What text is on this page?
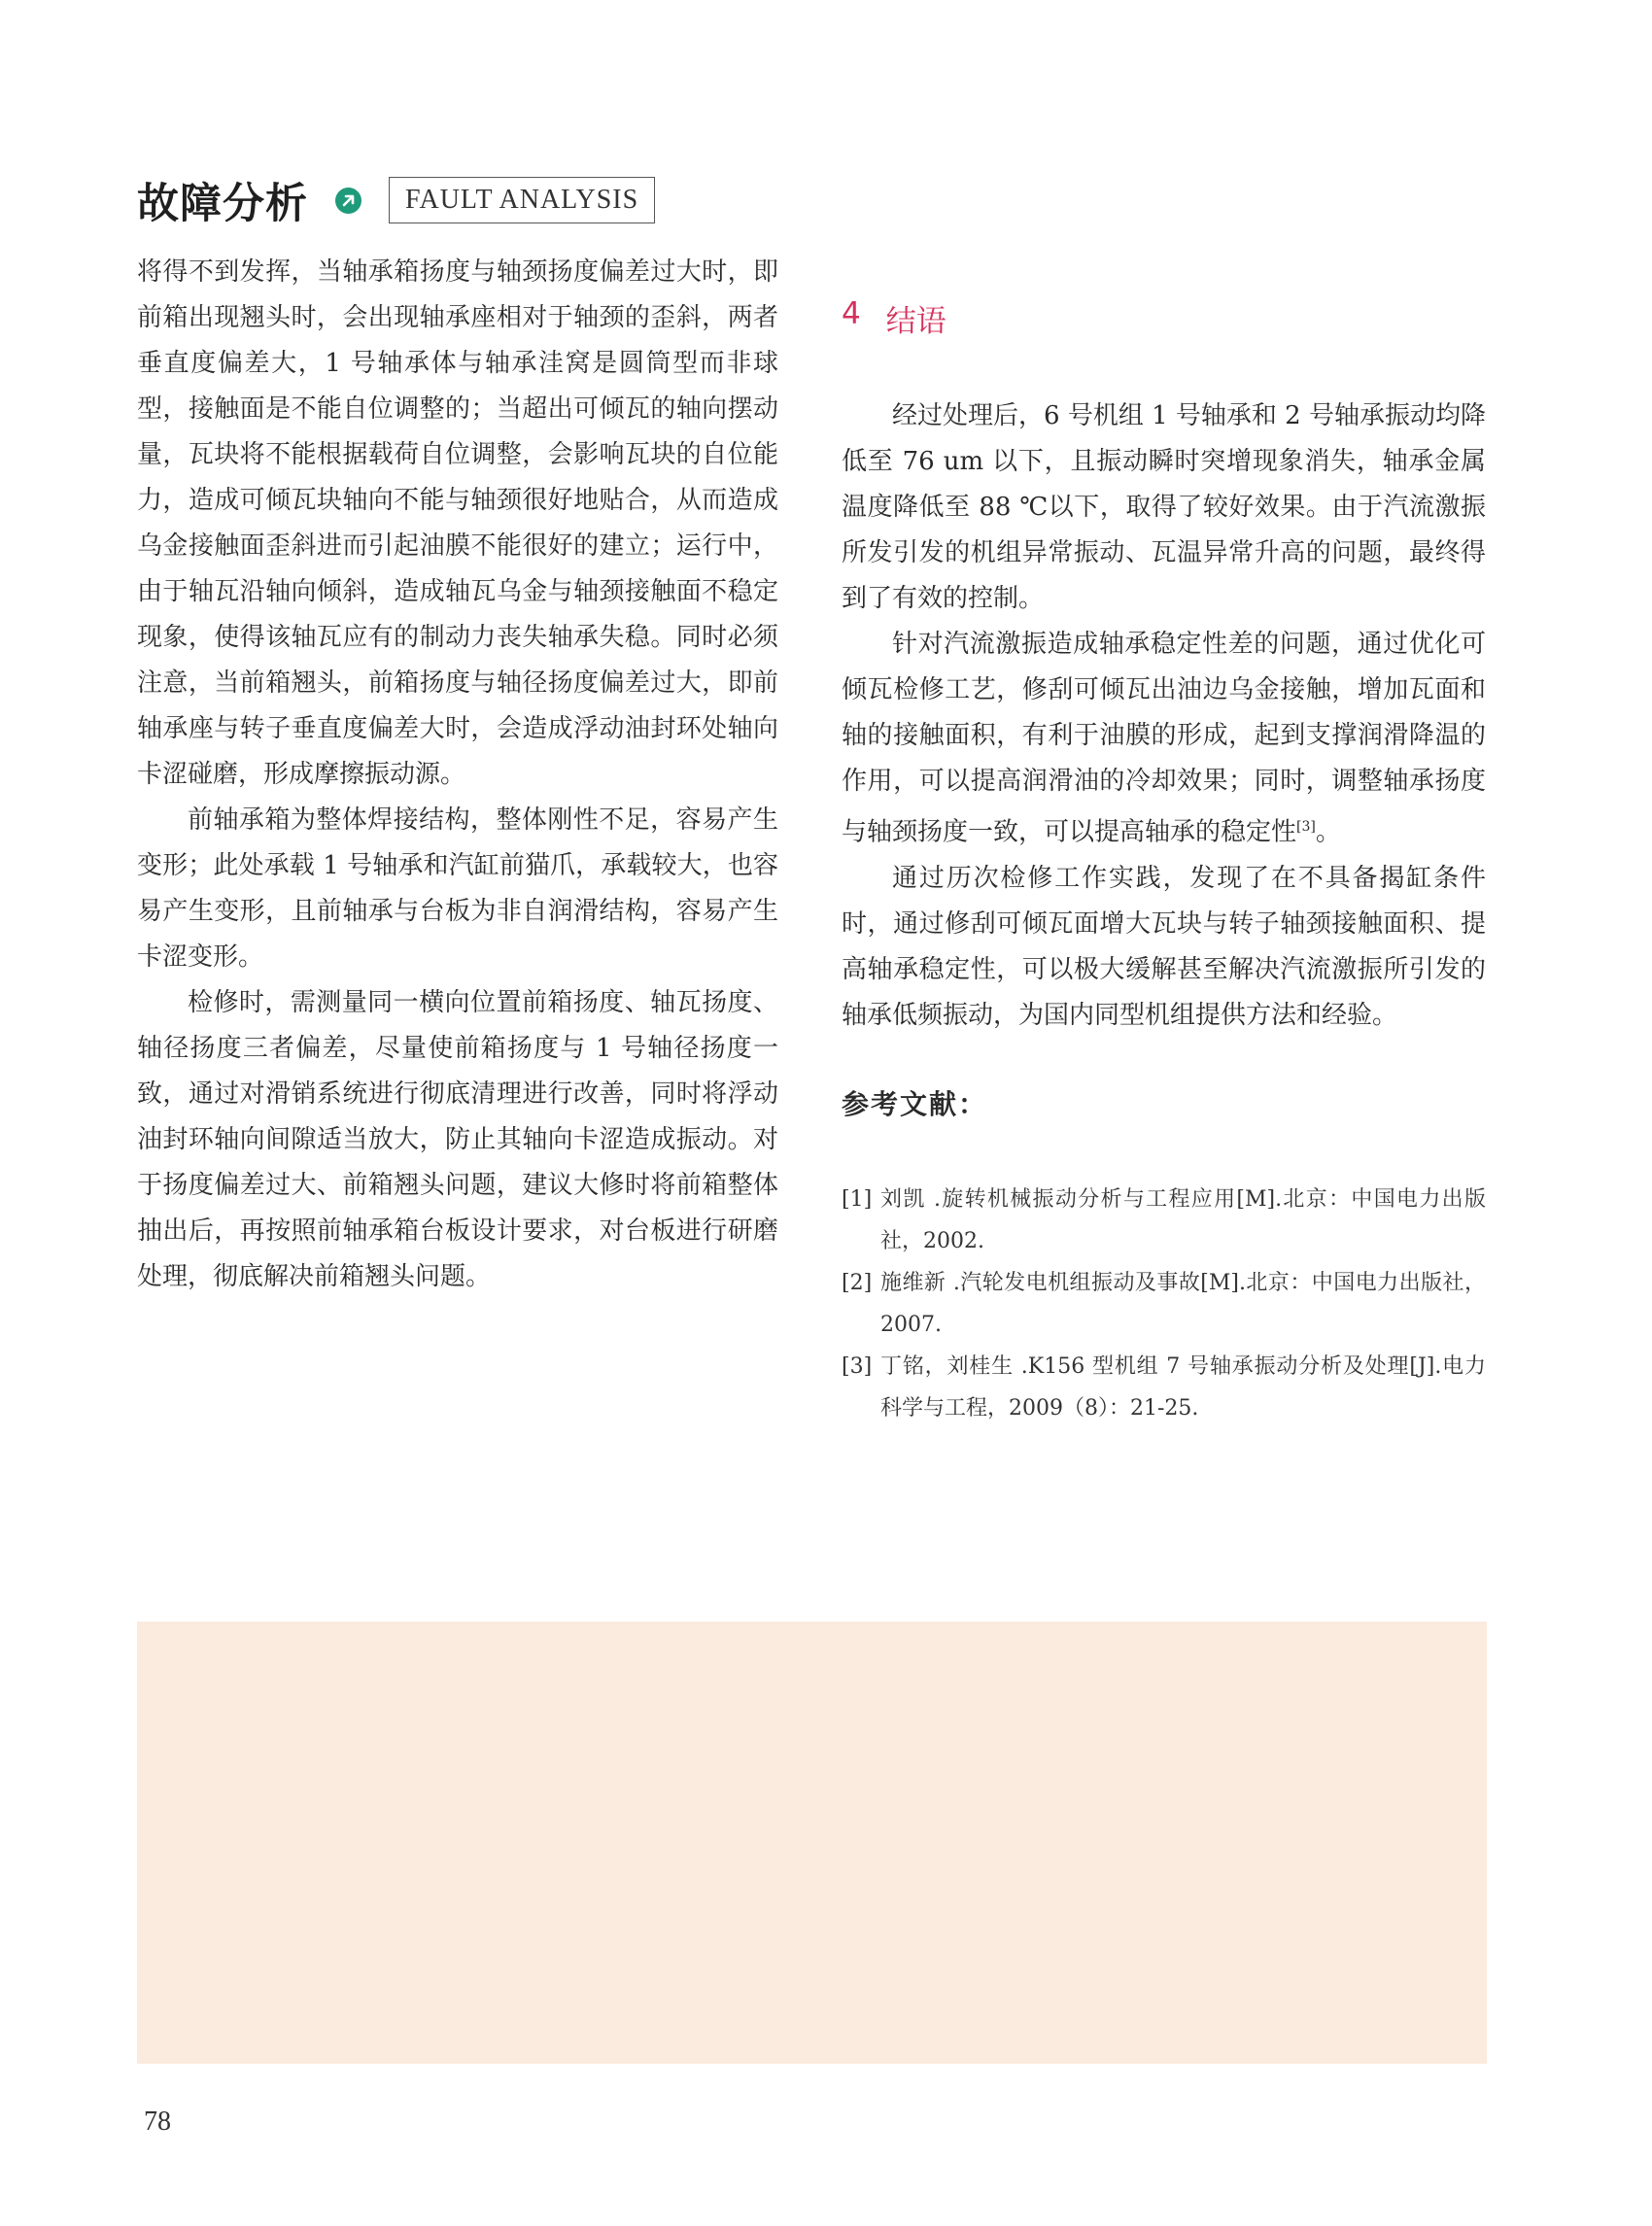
故障分析	FAULT ANALYSIS

将得不到发挥，当轴承箱扬度与轴颈扬度偏差过大时，即前箱出现翘头时，会出现轴承座相对于轴颈的歪斜，两者垂直度偏差大，1 号轴承体与轴承洼窝是圆筒型而非球型，接触面是不能自位调整的；当超出可倾瓦的轴向摆动量，瓦块将不能根据载荷自位调整，会影响瓦块的自位能力，造成可倾瓦块轴向不能与轴颈很好地贴合，从而造成乌金接触面歪斜进而引起油膜不能很好的建立；运行中，由于轴瓦沿轴向倾斜，造成轴瓦乌金与轴颈接触面不稳定现象，使得该轴瓦应有的制动力丧失轴承失稳。同时必须注意，当前箱翘头，前箱扬度与轴径扬度偏差过大，即前轴承座与转子垂直度偏差大时，会造成浮动油封环处轴向卡涩碰磨，形成摩擦振动源。

前轴承箱为整体焊接结构，整体刚性不足，容易产生变形；此处承载 1 号轴承和汽缸前猫爪，承载较大，也容易产生变形，且前轴承与台板为非自润滑结构，容易产生卡涩变形。

检修时，需测量同一横向位置前箱扬度、轴瓦扬度、轴径扬度三者偏差，尽量使前箱扬度与 1 号轴径扬度一致，通过对滑销系统进行彻底清理进行改善，同时将浮动油封环轴向间隙适当放大，防止其轴向卡涩造成振动。对于扬度偏差过大、前箱翘头问题，建议大修时将前箱整体抽出后，再按照前轴承箱台板设计要求，对台板进行研磨处理，彻底解决前箱翘头问题。

4 结语

经过处理后，6 号机组 1 号轴承和 2 号轴承振动均降低至 76 um 以下，且振动瞬时突增现象消失，轴承金属温度降低至 88 ℃以下，取得了较好效果。由于汽流激振所发引发的机组异常振动、瓦温异常升高的问题，最终得到了有效的控制。

针对汽流激振造成轴承稳定性差的问题，通过优化可倾瓦检修工艺，修刮可倾瓦出油边乌金接触，增加瓦面和轴的接触面积，有利于油膜的形成，起到支撑润滑降温的作用，可以提高润滑油的冷却效果；同时，调整轴承扬度与轴颈扬度一致，可以提高轴承的稳定性[3]。

通过历次检修工作实践，发现了在不具备揭缸条件时，通过修刮可倾瓦面增大瓦块与转子轴颈接触面积、提高轴承稳定性，可以极大缓解甚至解决汽流激振所引发的轴承低频振动，为国内同型机组提供方法和经验。

参考文献：
[1] 刘凯 .旋转机械振动分析与工程应用[M].北京：中国电力出版社，2002.
[2] 施维新 .汽轮发电机组振动及事故[M].北京：中国电力出版社，2007.
[3] 丁铭，刘桂生 .K156 型机组 7 号轴承振动分析及处理[J].电力科学与工程，2009（8）：21-25.
78
